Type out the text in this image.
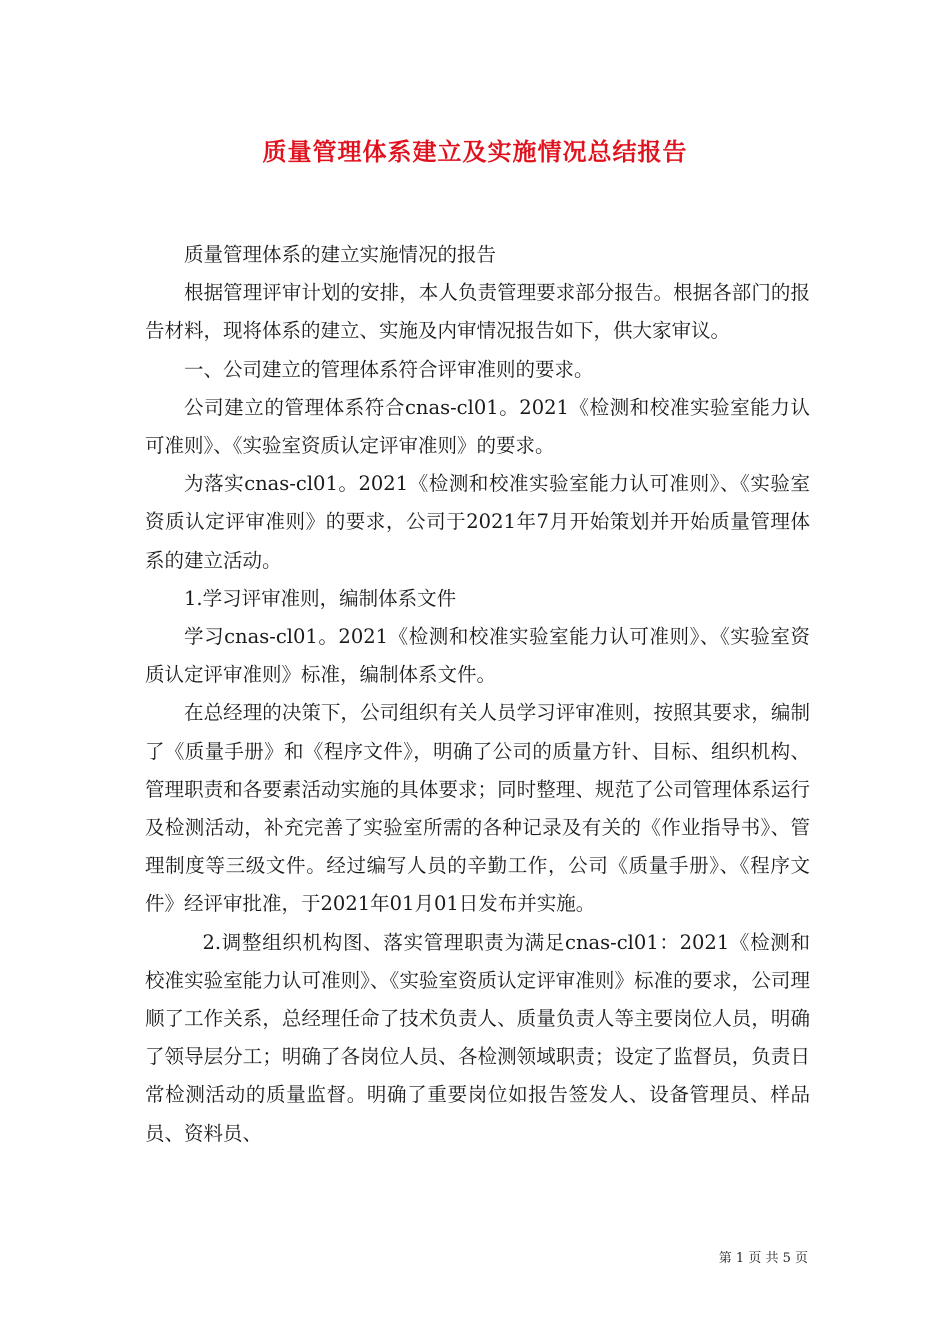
质量管理体系建立及实施情况总结报告

质量管理体系的建立实施情况的报告

根据管理评审计划的安排，本人负责管理要求部分报告。根据各部门的报告材料，现将体系的建立、实施及内审情况报告如下，供大家审议。

一、公司建立的管理体系符合评审准则的要求。

公司建立的管理体系符合cnas-cl01。2021《检测和校准实验室能力认可准则》、《实验室资质认定评审准则》的要求。

为落实cnas-cl01。2021《检测和校准实验室能力认可准则》、《实验室资质认定评审准则》的要求，公司于2021年7月开始策划并开始质量管理体系的建立活动。

1.学习评审准则，编制体系文件

学习cnas-cl01。2021《检测和校准实验室能力认可准则》、《实验室资质认定评审准则》标准，编制体系文件。

在总经理的决策下，公司组织有关人员学习评审准则，按照其要求，编制了《质量手册》和《程序文件》，明确了公司的质量方针、目标、组织机构、管理职责和各要素活动实施的具体要求；同时整理、规范了公司管理体系运行及检测活动，补充完善了实验室所需的各种记录及有关的《作业指导书》、管理制度等三级文件。经过编写人员的辛勤工作，公司《质量手册》、《程序文件》经评审批准，于2021年01月01日发布并实施。

2.调整组织机构图、落实管理职责为满足cnas-cl01：2021《检测和校准实验室能力认可准则》、《实验室资质认定评审准则》标准的要求，公司理顺了工作关系，总经理任命了技术负责人、质量负责人等主要岗位人员，明确了领导层分工；明确了各岗位人员、各检测领域职责；设定了监督员，负责日常检测活动的质量监督。明确了重要岗位如报告签发人、设备管理员、样品员、资料员、

第 1 页 共 5 页
